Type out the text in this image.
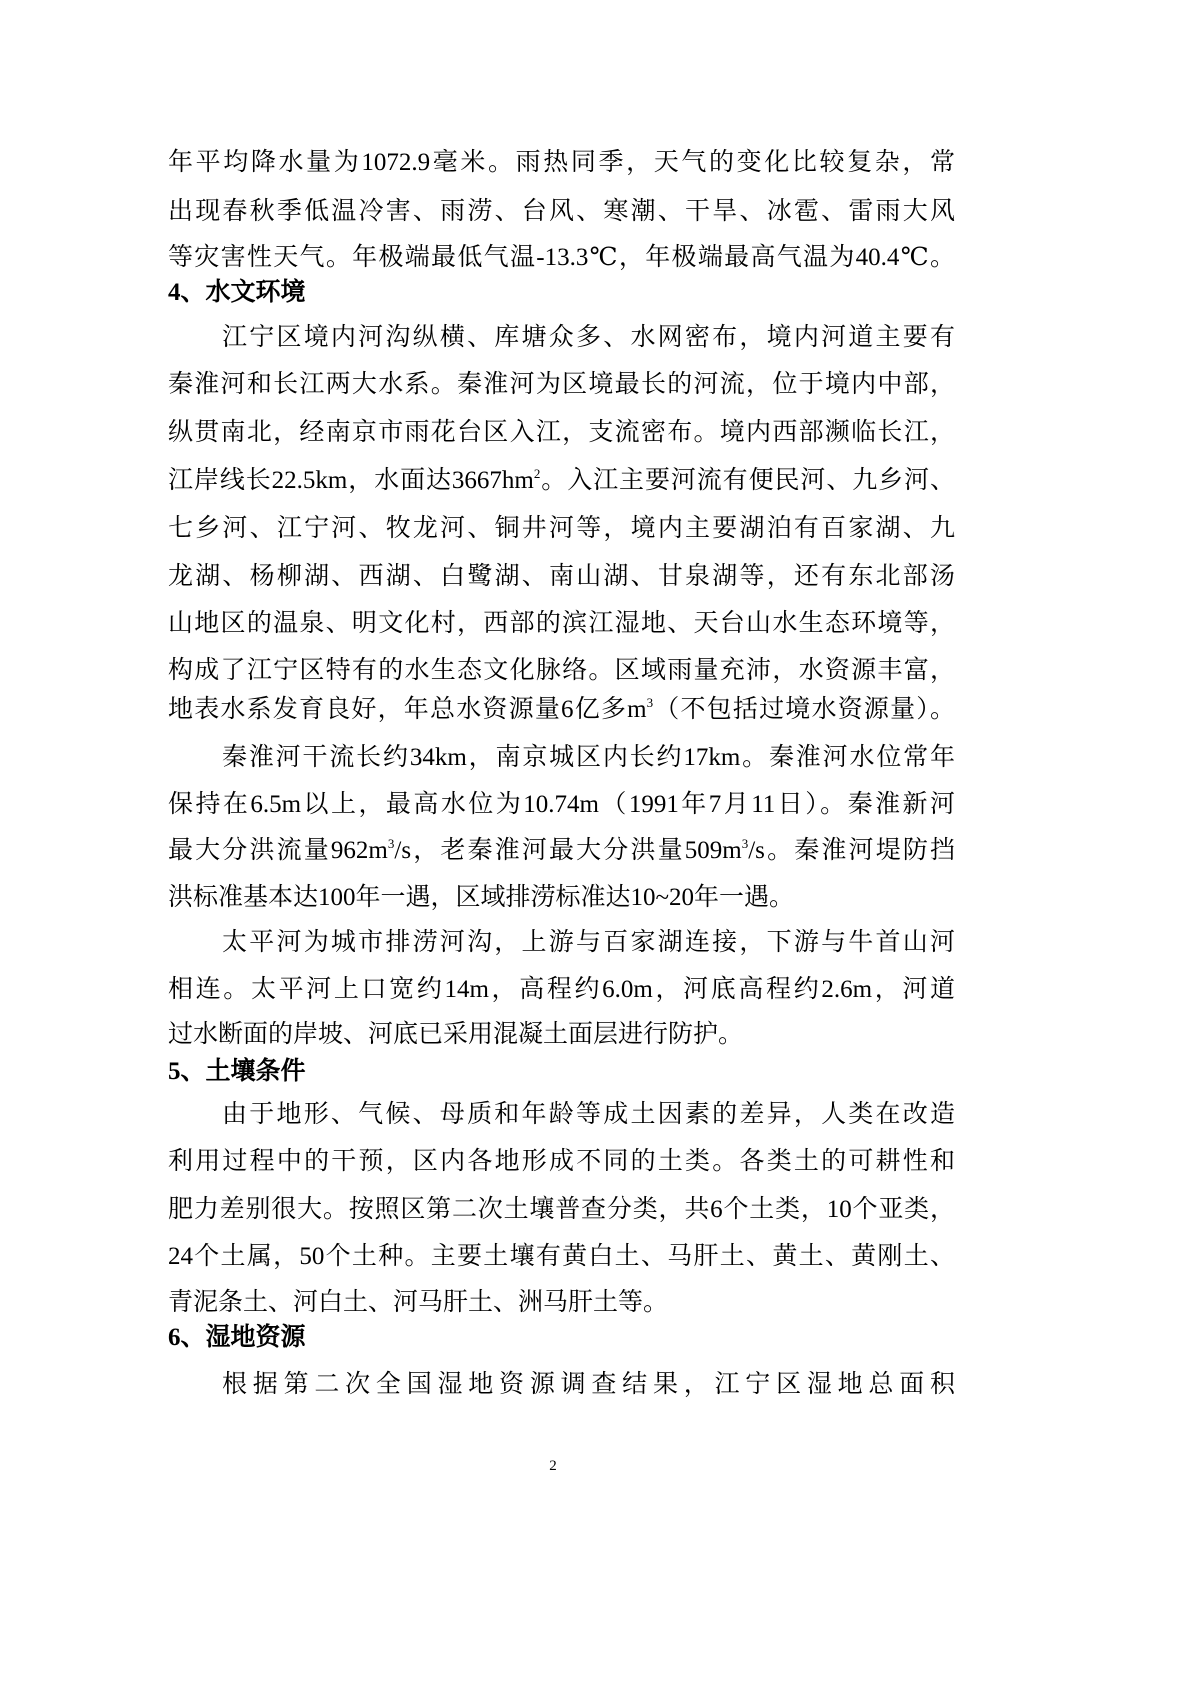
年平均降水量为1072.9毫米。雨热同季，天气的变化比较复杂，常
出现春秋季低温冷害、雨涝、台风、寒潮、干旱、冰雹、雷雨大风
等灾害性天气。年极端最低气温-13.3℃，年极端最高气温为40.4℃。
4、水文环境
江宁区境内河沟纵横、库塘众多、水网密布，境内河道主要有
秦淮河和长江两大水系。秦淮河为区境最长的河流，位于境内中部，
纵贯南北，经南京市雨花台区入江，支流密布。境内西部濒临长江，
江岸线长22.5km，水面达$3667hm^2$。入江主要河流有便民河、九乡河、
七乡河、江宁河、牧龙河、铜井河等，境内主要湖泊有百家湖、九
龙湖、杨柳湖、西湖、白鹭湖、南山湖、甘泉湖等，还有东北部汤
山地区的温泉、明文化村，西部的滨江湿地、天台山水生态环境等，
构成了江宁区特有的水生态文化脉络。区域雨量充沛，水资源丰富，
地表水系发育良好，年总水资源量6亿多$m^3$（不包括过境水资源量）。
秦淮河干流长约34km，南京城区内长约17km。秦淮河水位常年
保持在6.5m以上，最高水位为10.74m（1991年7月11日）。秦淮新河
最大分洪流量$962m^3/s$，老秦淮河最大分洪量$509m^3/s$。秦淮河堤防挡
洪标准基本达100年一遇，区域排涝标准达10~20年一遇。
太平河为城市排涝河沟，上游与百家湖连接，下游与牛首山河
相连。太平河上口宽约14m，高程约6.0m，河底高程约2.6m，河道
过水断面的岸坡、河底已采用混凝土面层进行防护。
5、土壤条件
由于地形、气候、母质和年龄等成土因素的差异，人类在改造
利用过程中的干预，区内各地形成不同的土类。各类土的可耕性和
肥力差别很大。按照区第二次土壤普查分类，共6个土类，10个亚类，
24个土属，50个土种。主要土壤有黄白土、马肝土、黄土、黄刚土、
青泥条土、河白土、河马肝土、洲马肝土等。
6、湿地资源
根据第二次全国湿地资源调查结果，江宁区湿地总面积
2
